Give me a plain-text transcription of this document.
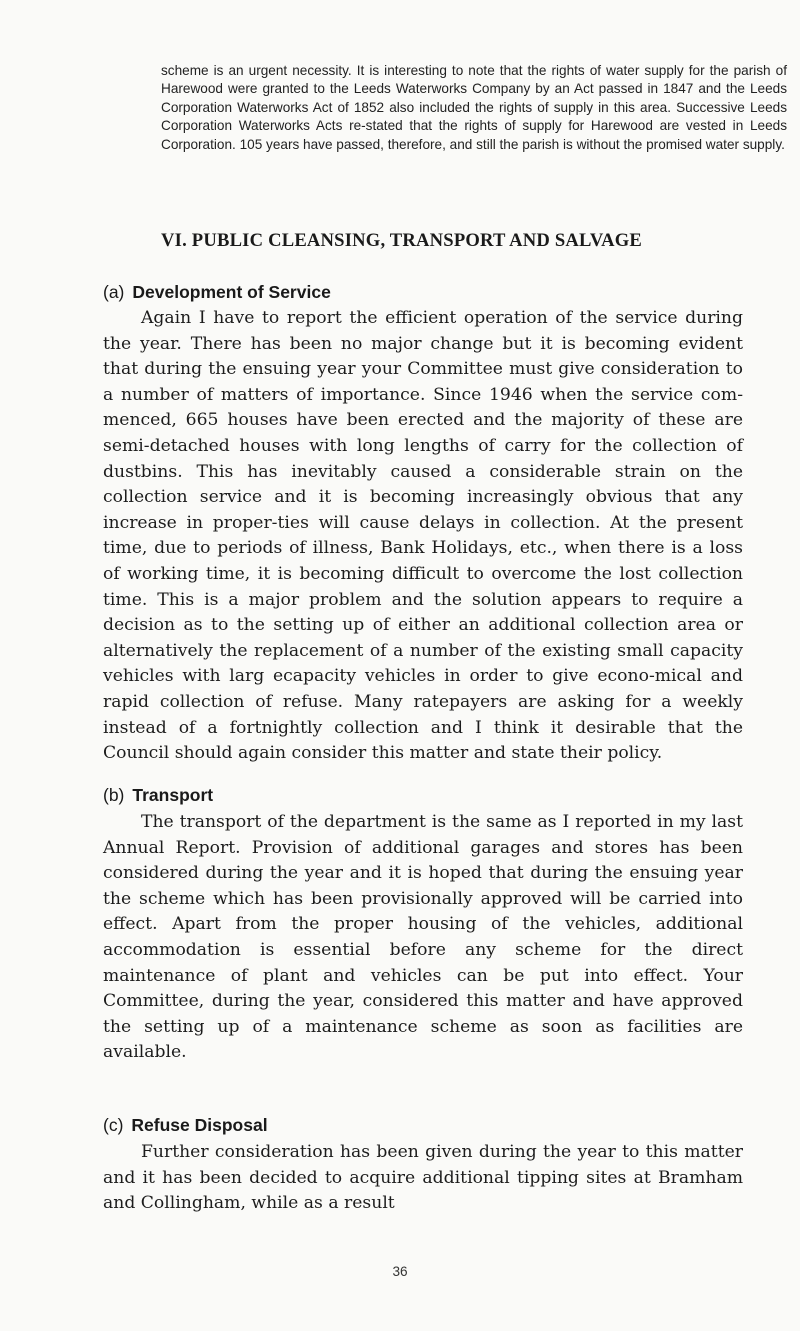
scheme is an urgent necessity. It is interesting to note that the rights of water supply for the parish of Harewood were granted to the Leeds Waterworks Company by an Act passed in 1847 and the Leeds Corporation Waterworks Act of 1852 also included the rights of supply in this area. Successive Leeds Corporation Waterworks Acts re-stated that the rights of supply for Harewood are vested in Leeds Corporation. 105 years have passed, therefore, and still the parish is without the promised water supply.
VI. PUBLIC CLEANSING, TRANSPORT AND SALVAGE
(a) Development of Service
Again I have to report the efficient operation of the service during the year. There has been no major change but it is becoming evident that during the ensuing year your Committee must give consideration to a number of matters of importance. Since 1946 when the service com-menced, 665 houses have been erected and the majority of these are semi-detached houses with long lengths of carry for the collection of dustbins. This has inevitably caused a considerable strain on the collection service and it is becoming increasingly obvious that any increase in proper-ties will cause delays in collection. At the present time, due to periods of illness, Bank Holidays, etc., when there is a loss of working time, it is becoming difficult to overcome the lost collection time. This is a major problem and the solution appears to require a decision as to the setting up of either an additional collection area or alternatively the replacement of a number of the existing small capacity vehicles with larg ecapacity vehicles in order to give econo-mical and rapid collection of refuse. Many ratepayers are asking for a weekly instead of a fortnightly collection and I think it desirable that the Council should again consider this matter and state their policy.
(b) Transport
The transport of the department is the same as I reported in my last Annual Report. Provision of additional garages and stores has been considered during the year and it is hoped that during the ensuing year the scheme which has been provisionally approved will be carried into effect. Apart from the proper housing of the vehicles, additional accommodation is essential before any scheme for the direct maintenance of plant and vehicles can be put into effect. Your Committee, during the year, considered this matter and have approved the setting up of a maintenance scheme as soon as facilities are available.
(c) Refuse Disposal
Further consideration has been given during the year to this matter and it has been decided to acquire additional tipping sites at Bramham and Collingham, while as a result
36
